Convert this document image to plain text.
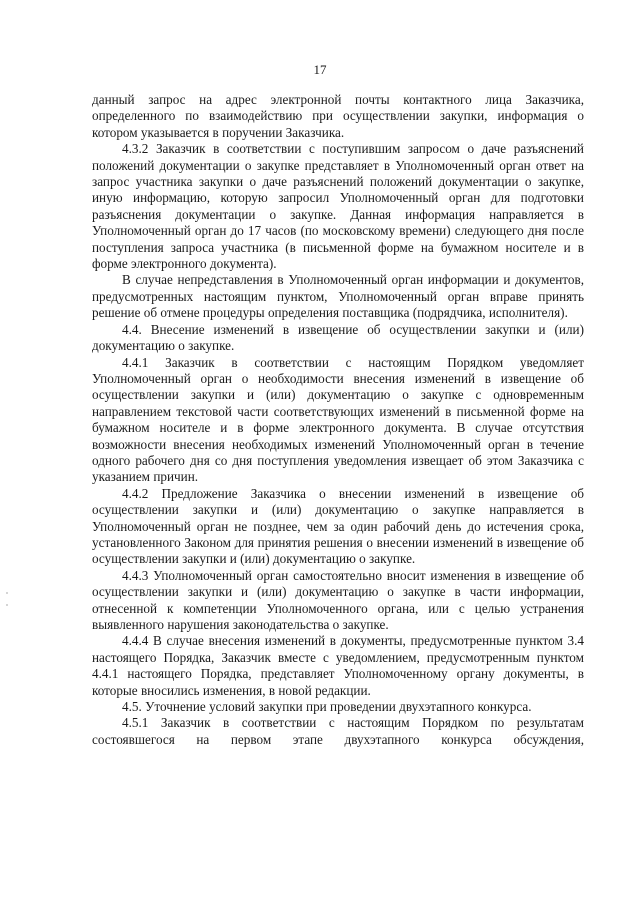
17

данный запрос на адрес электронной почты контактного лица Заказчика, определенного по взаимодействию при осуществлении закупки, информация о котором указывается в поручении Заказчика.

4.3.2 Заказчик в соответствии с поступившим запросом о даче разъяснений положений документации о закупке представляет в Уполномоченный орган ответ на запрос участника закупки о даче разъяснений положений документации о закупке, иную информацию, которую запросил Уполномоченный орган для подготовки разъяснения документации о закупке. Данная информация направляется в Уполномоченный орган до 17 часов (по московскому времени) следующего дня после поступления запроса участника (в письменной форме на бумажном носителе и в форме электронного документа).

В случае непредставления в Уполномоченный орган информации и документов, предусмотренных настоящим пунктом, Уполномоченный орган вправе принять решение об отмене процедуры определения поставщика (подрядчика, исполнителя).

4.4. Внесение изменений в извещение об осуществлении закупки и (или) документацию о закупке.

4.4.1 Заказчик в соответствии с настоящим Порядком уведомляет Уполномоченный орган о необходимости внесения изменений в извещение об осуществлении закупки и (или) документацию о закупке с одновременным направлением текстовой части соответствующих изменений в письменной форме на бумажном носителе и в форме электронного документа. В случае отсутствия возможности внесения необходимых изменений Уполномоченный орган в течение одного рабочего дня со дня поступления уведомления извещает об этом Заказчика с указанием причин.

4.4.2 Предложение Заказчика о внесении изменений в извещение об осуществлении закупки и (или) документацию о закупке направляется в Уполномоченный орган не позднее, чем за один рабочий день до истечения срока, установленного Законом для принятия решения о внесении изменений в извещение об осуществлении закупки и (или) документацию о закупке.

4.4.3 Уполномоченный орган самостоятельно вносит изменения в извещение об осуществлении закупки и (или) документацию о закупке в части информации, отнесенной к компетенции Уполномоченного органа, или с целью устранения выявленного нарушения законодательства о закупке.

4.4.4 В случае внесения изменений в документы, предусмотренные пунктом 3.4 настоящего Порядка, Заказчик вместе с уведомлением, предусмотренным пунктом 4.4.1 настоящего Порядка, представляет Уполномоченному органу документы, в которые вносились изменения, в новой редакции.

4.5. Уточнение условий закупки при проведении двухэтапного конкурса.

4.5.1 Заказчик в соответствии с настоящим Порядком по результатам состоявшегося на первом этапе двухэтапного конкурса обсуждения,
